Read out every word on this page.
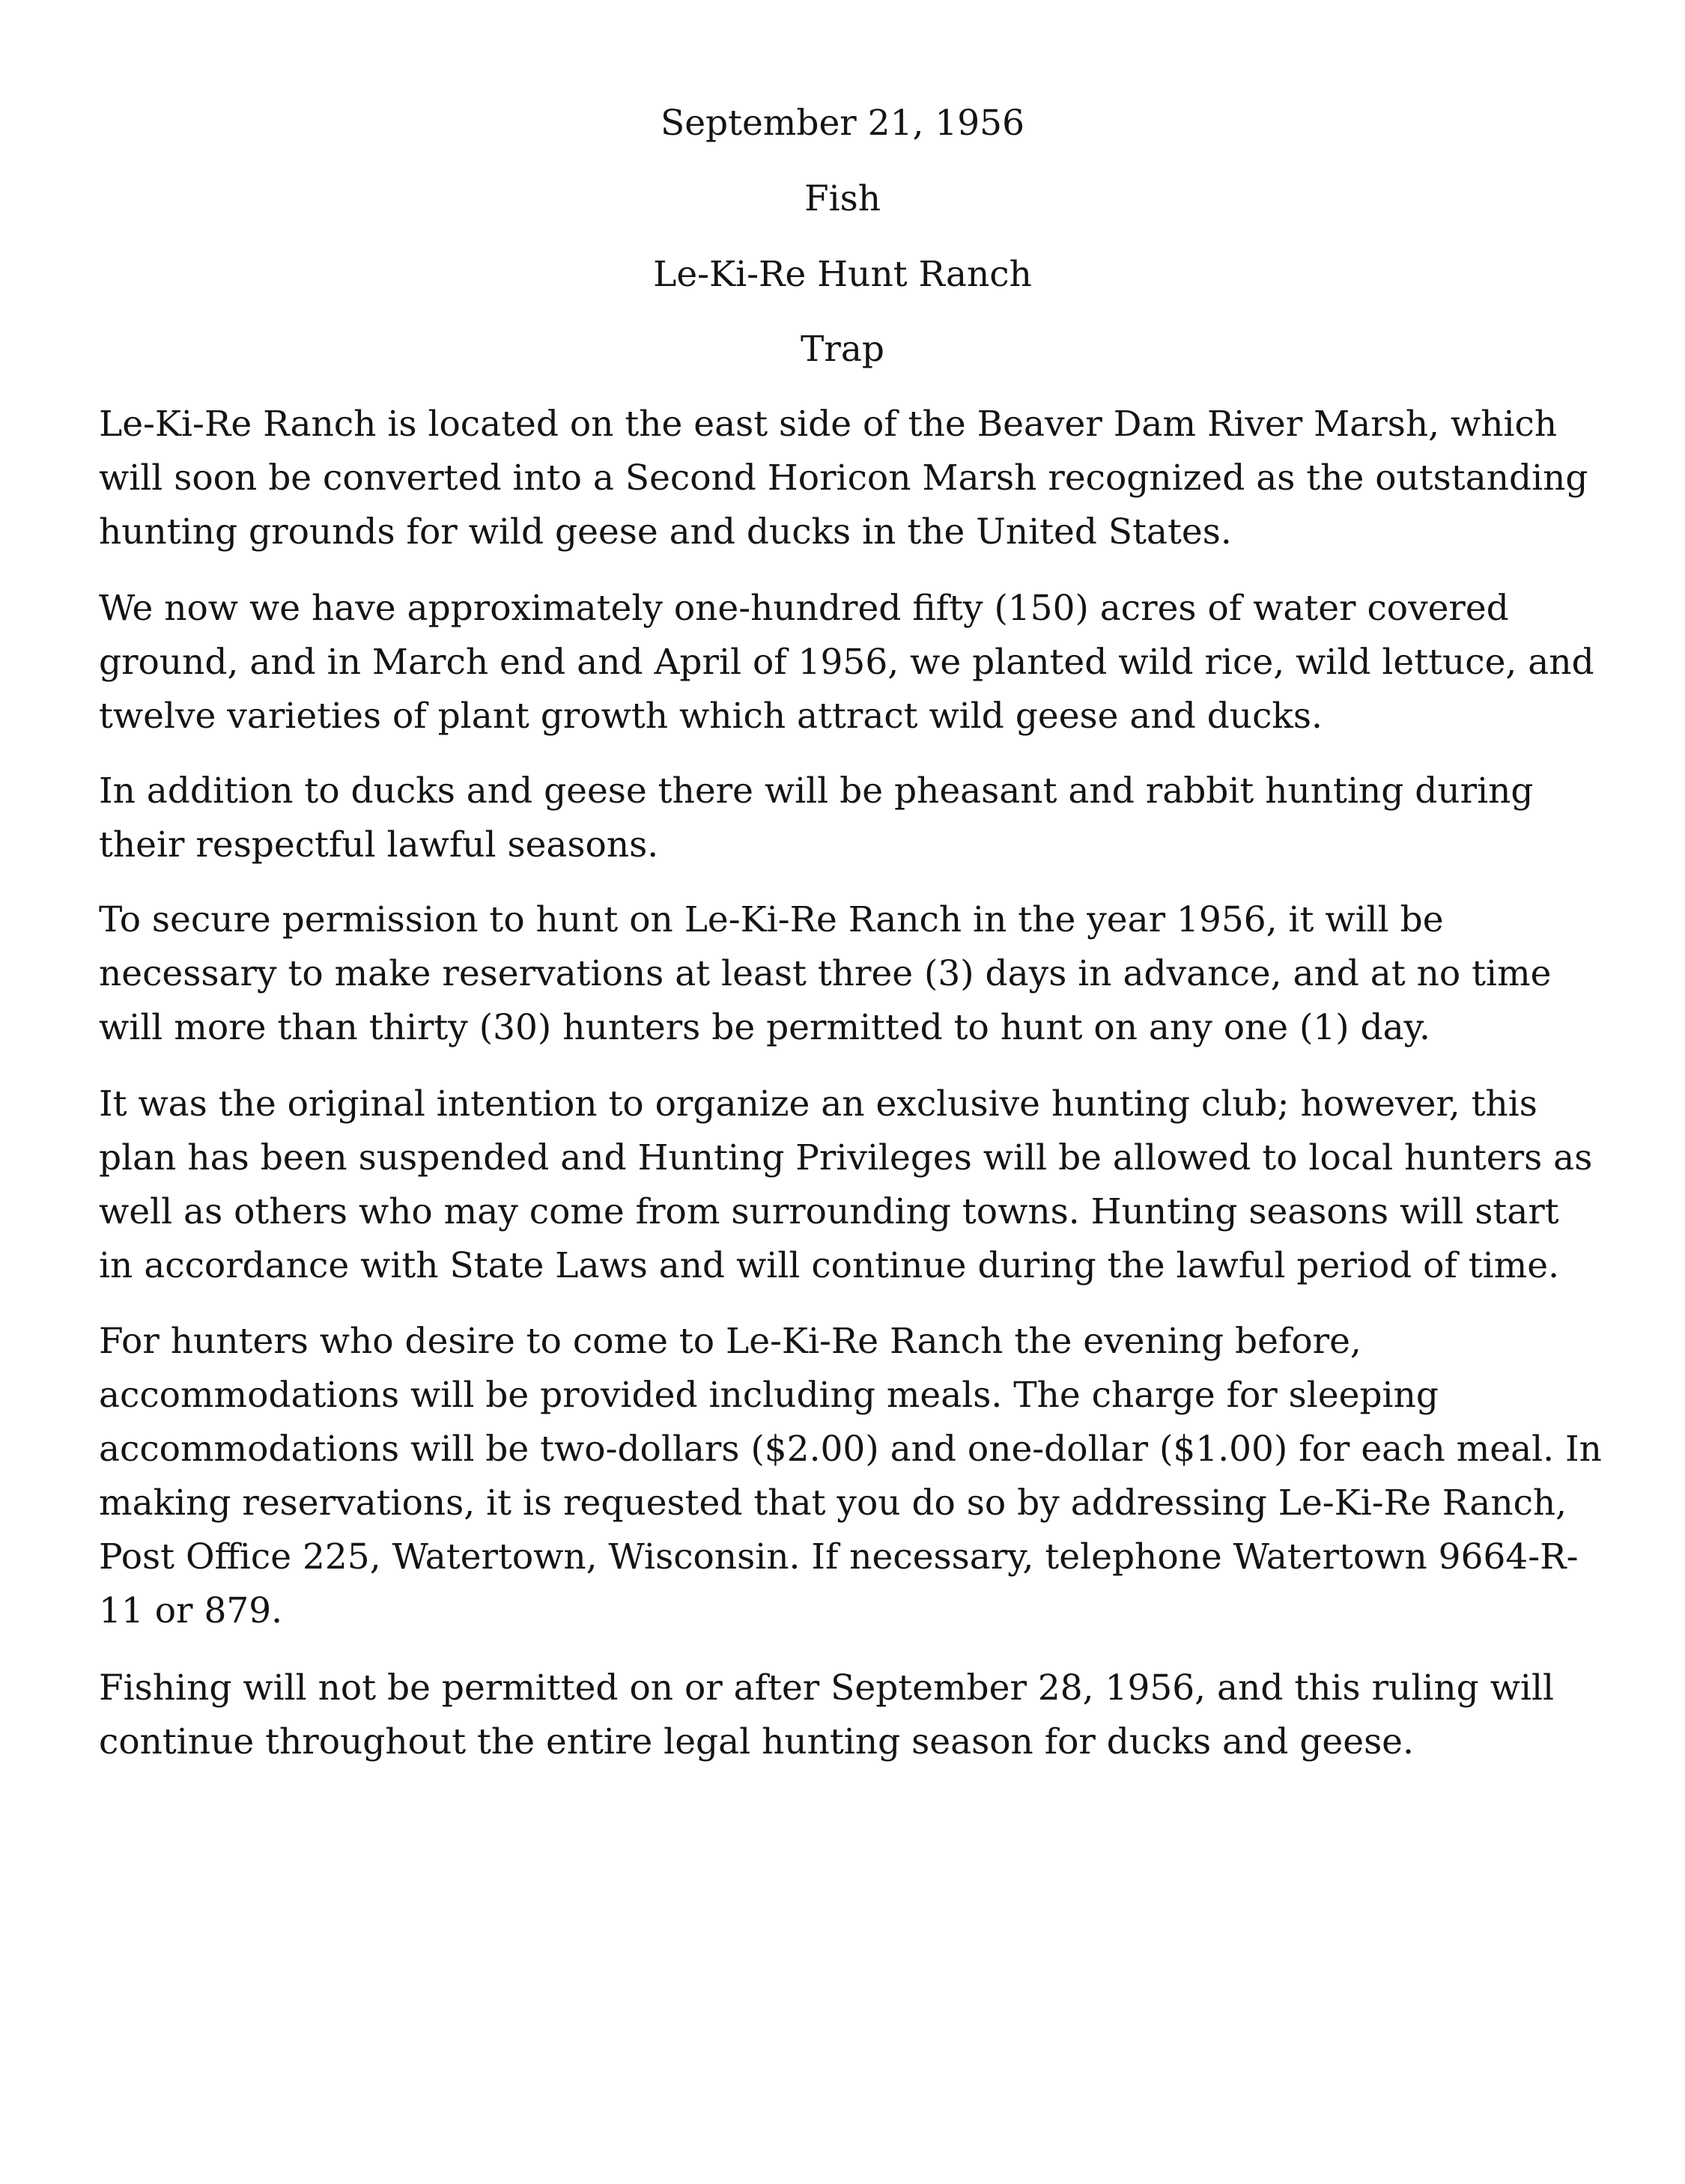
September 21, 1956
Fish
Le-Ki-Re Hunt Ranch
Trap
Le-Ki-Re Ranch is located on the east side of the Beaver Dam River Marsh, which
will soon be converted into a Second Horicon Marsh recognized as the outstanding
hunting grounds for wild geese and ducks in the United States.
We now we have approximately one-hundred fifty (150) acres of water covered
ground, and in March end and April of 1956, we planted wild rice, wild lettuce, and
twelve varieties of plant growth which attract wild geese and ducks.
In addition to ducks and geese there will be pheasant and rabbit hunting during
their respectful lawful seasons.
To secure permission to hunt on Le-Ki-Re Ranch in the year 1956, it will be
necessary to make reservations at least three (3) days in advance, and at no time
will more than thirty (30) hunters be permitted to hunt on any one (1) day.
It was the original intention to organize an exclusive hunting club; however, this
plan has been suspended and Hunting Privileges will be allowed to local hunters as
well as others who may come from surrounding towns. Hunting seasons will start
in accordance with State Laws and will continue during the lawful period of time.
For hunters who desire to come to Le-Ki-Re Ranch the evening before,
accommodations will be provided including meals. The charge for sleeping
accommodations will be two-dollars ($2.00) and one-dollar ($1.00) for each meal. In
making reservations, it is requested that you do so by addressing Le-Ki-Re Ranch,
Post Office 225, Watertown, Wisconsin. If necessary, telephone Watertown 9664-R-
11 or 879.
Fishing will not be permitted on or after September 28, 1956, and this ruling will
continue throughout the entire legal hunting season for ducks and geese.
